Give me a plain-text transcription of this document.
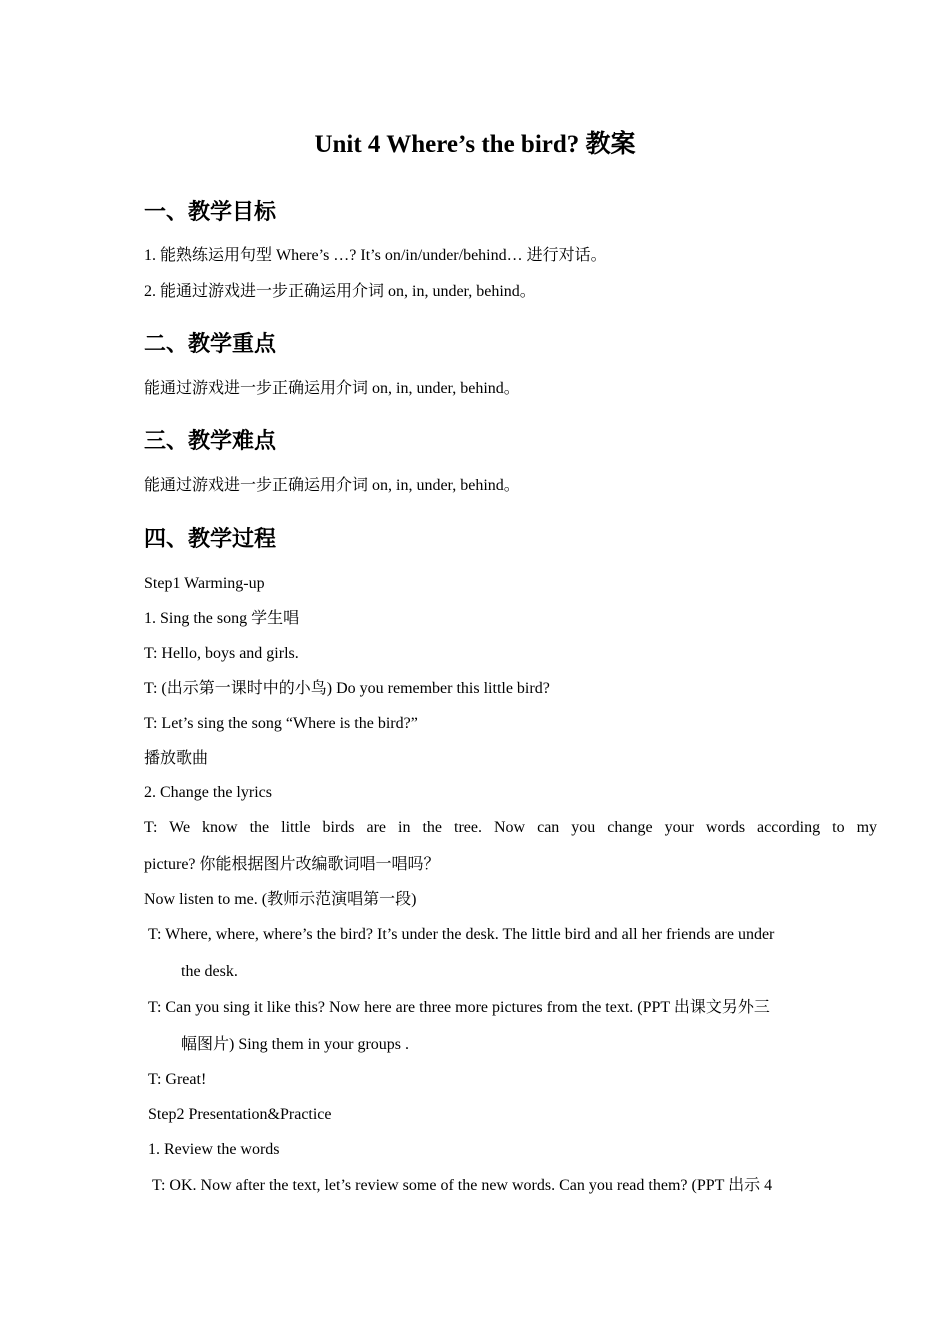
Unit 4 Where’s the bird? 教案
一、教学目标
1. 能熟练运用句型 Where’s …? It’s on/in/under/behind… 进行对话。
2. 能通过游戏进一步正确运用介词 on, in, under, behind。
二、教学重点
能通过游戏进一步正确运用介词 on, in, under, behind。
三、教学难点
能通过游戏进一步正确运用介词 on, in, under, behind。
四、教学过程
Step1 Warming-up
1. Sing the song 学生唱
T: Hello, boys and girls.
T: (出示第一课时中的小鸟) Do you remember this little bird?
T: Let’s sing the song “Where is the bird?”
播放歌曲
2. Change the lyrics
T:  We  know  the  little  birds  are  in  the  tree.  Now  can  you  change  your  words  according  to  my
picture? 你能根据图片改编歌词唱一唱吗？
Now listen to me. (教师示范演唱第一段)
T: Where, where, where’s the bird? It’s under the desk. The little bird and all her friends are under
the desk.
T: Can you sing it like this? Now here are three more pictures from the text. (PPT 出课文另外三
幅图片) Sing them in your groups .
T: Great!
Step2 Presentation&Practice
1. Review the words
T: OK. Now after the text, let’s review some of the new words. Can you read them? (PPT 出示 4
